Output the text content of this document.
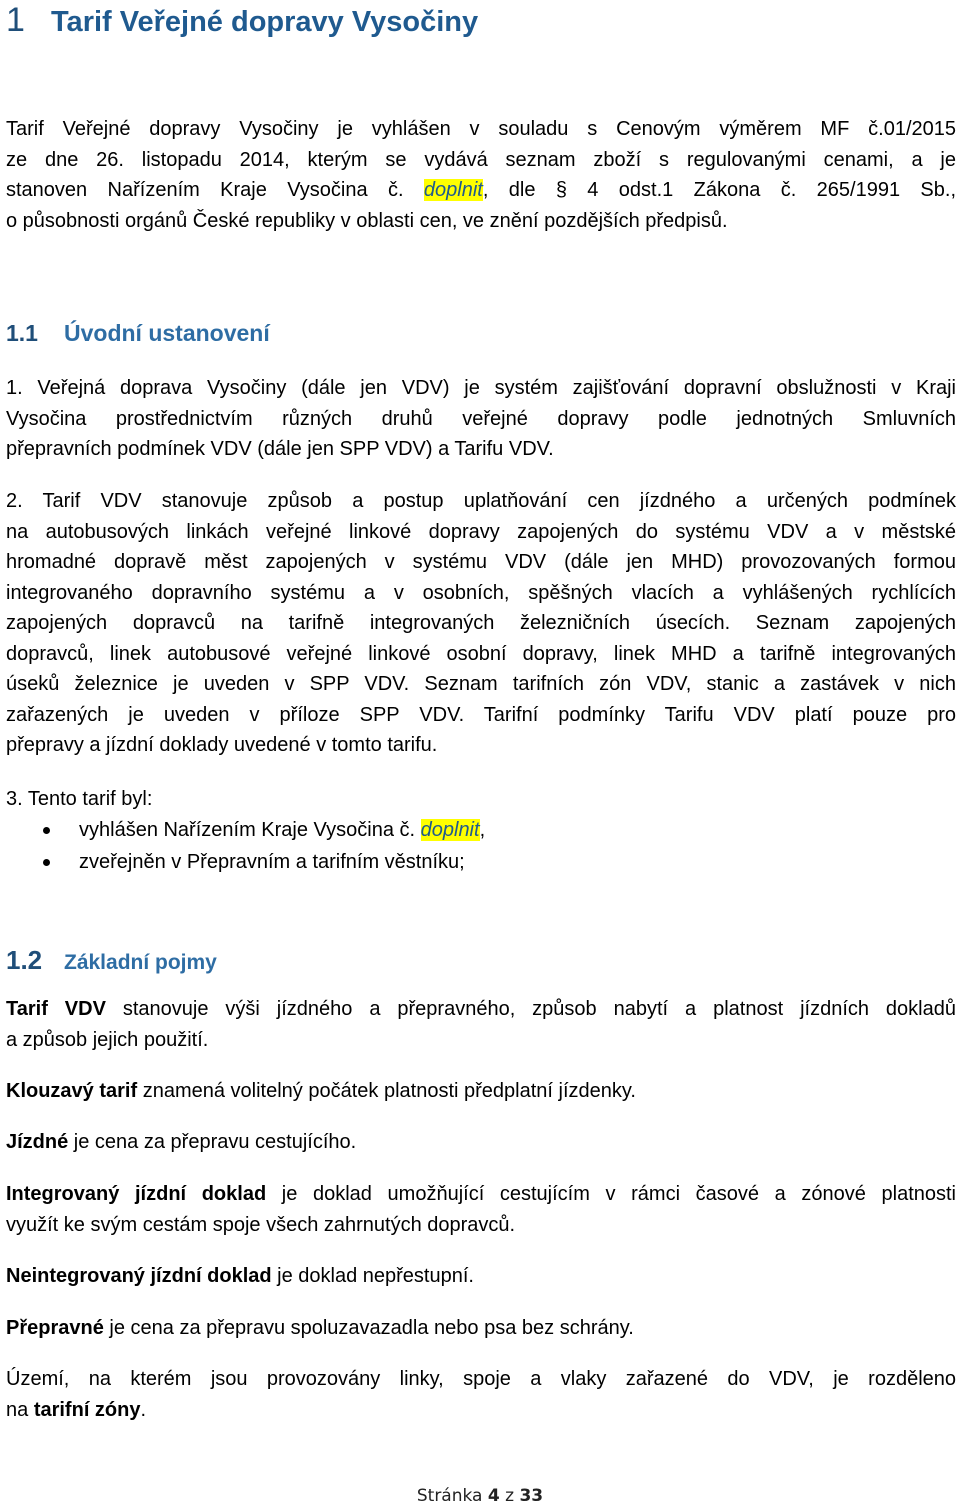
1 Tarif Veřejné dopravy Vysočiny
Tarif Veřejné dopravy Vysočiny je vyhlášen v souladu s Cenovým výměrem MF č.01/2015
ze dne 26. listopadu 2014, kterým se vydává seznam zboží s regulovanými cenami, a je
stanoven Nařízením Kraje Vysočina č. doplnit, dle § 4 odst.1 Zákona č. 265/1991 Sb.,
o působnosti orgánů České republiky v oblasti cen, ve znění pozdějších předpisů.
1.1 Úvodní ustanovení
1. Veřejná doprava Vysočiny (dále jen VDV) je systém zajišťování dopravní obslužnosti v Kraji
Vysočina prostřednictvím různých druhů veřejné dopravy podle jednotných Smluvních
přepravních podmínek VDV (dále jen SPP VDV) a Tarifu VDV.
2. Tarif VDV stanovuje způsob a postup uplatňování cen jízdného a určených podmínek
na autobusových linkách veřejné linkové dopravy zapojených do systému VDV a v městské
hromadné dopravě měst zapojených v systému VDV (dále jen MHD) provozovaných formou
integrovaného dopravního systému a v osobních, spěšných vlacích a vyhlášených rychlících
zapojených dopravců na tarifně integrovaných železničních úsecích. Seznam zapojených
dopravců, linek autobusové veřejné linkové osobní dopravy, linek MHD a tarifně integrovaných
úseků železnice je uveden v SPP VDV. Seznam tarifních zón VDV, stanic a zastávek v nich
zařazených je uveden v příloze SPP VDV. Tarifní podmínky Tarifu VDV platí pouze pro
přepravy a jízdní doklady uvedené v tomto tarifu.
3. Tento tarif byl:
vyhlášen Nařízením Kraje Vysočina č. doplnit,
zveřejněn v Přepravním a tarifním věstníku;
1.2 Základní pojmy
Tarif VDV stanovuje výši jízdného a přepravného, způsob nabytí a platnost jízdních dokladů
a způsob jejich použití.
Klouzavý tarif znamená volitelný počátek platnosti předplatní jízdenky.
Jízdné je cena za přepravu cestujícího.
Integrovaný jízdní doklad je doklad umožňující cestujícím v rámci časové a zónové platnosti
využít ke svým cestám spoje všech zahrnutých dopravců.
Neintegrovaný jízdní doklad je doklad nepřestupní.
Přepravné je cena za přepravu spoluzavazadla nebo psa bez schrány.
Území, na kterém jsou provozovány linky, spoje a vlaky zařazené do VDV, je rozděleno
na tarifní zóny.
Stránka 4 z 33
